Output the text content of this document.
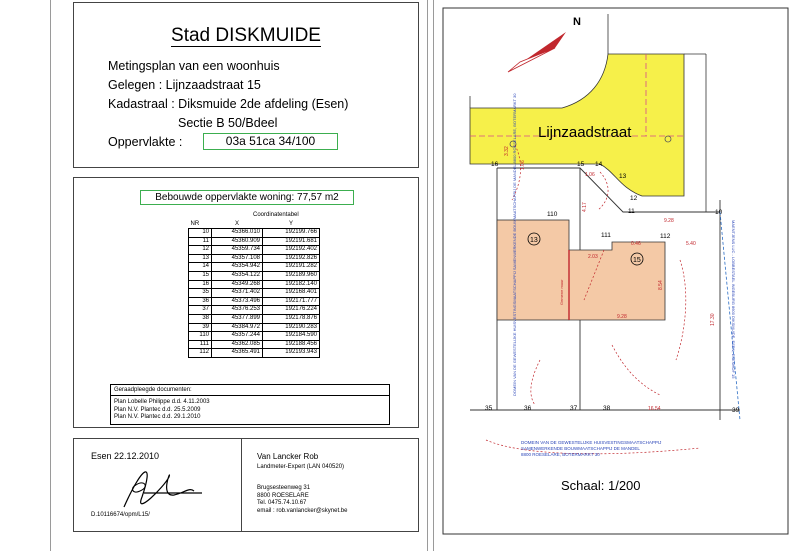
Stad DISKMUIDE
Metingsplan van een woonhuis
Gelegen : Lijnzaadstraat 15
Kadastraal : Diksmuide 2de afdeling (Esen)
Sectie B 50/Bdeel
Oppervlakte :	03a 51ca 34/100
Bebouwde oppervlakte woning: 77,57 m2
Coordinatentabel
NR	X	Y
10	45366.010	192199.766
11	45360.909	192191.681
12	45359.734	192192.402
13	45357.108	192192.826
14	45354.942	192191.282
15	45354.122	192189.960
16	45349.268	192182.140
35	45371.402	192168.401
36	45373.496	192171.777
37	45376.253	192176.224
38	45377.899	192178.876
39	45384.972	192190.283
110	45357.244	192184.590
111	45362.085	192188.456
112	45365.491	192193.943
Geraadpleegde documenten:
Plan Lobelle Philippe d.d. 4.11.2003
Plan N.V. Plantec d.d. 25.5.2009
Plan N.V. Plantec d.d. 29.1.2010
Esen 22.12.2010
D.10116674/opm/L15/
Van Lancker Rob
Landmeter-Expert (LAN 040520)
Brugsesteenweg 31
8800 ROESELARE
Tel. 0475.74.10.67
email : rob.vanlancker@skynet.be
Lijnzaadstraat
N
13
15
Gemene muur
16	15 14
13
12
11	10
110
111	112
35	36	37	38	39
3.32
1.06
1.06
4.17
9.28
0.46	5.40
2.03
8.54
9.28
16.54
17.30
DOMEIN VAN DE GEWESTELIJKE HUISVESTINGSMAATSCHAPPIJ SAMENWERKENDE BOUWMAATSCHAPPIJ DE MANDEL 8800 ROESELARE, BOTERMARKT 30	MAENTJENS LUC - LOBBESTAEL INGEBURG 8600 DIKSMUIDE, ESEN, ESENHOF 15
DOMEIN VAN DE GEWESTELIJKE HUISVESTINGSMAATSCHAPPIJ
SAMENWERKENDE BOUWMAATSCHAPPIJ DE MANDEL
8800 ROESELARE, BOTERMARKT 30
Schaal: 1/200
